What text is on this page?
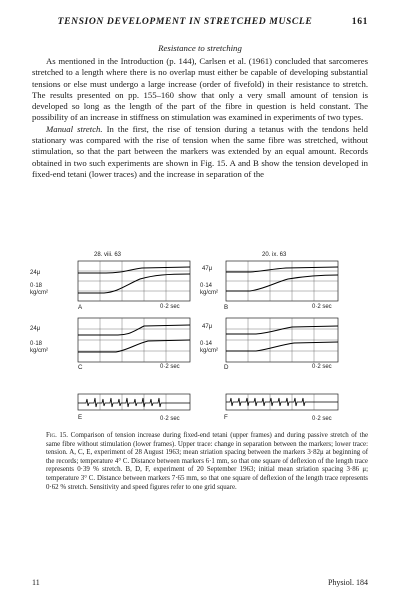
TENSION DEVELOPMENT IN STRETCHED MUSCLE	161
Resistance to stretching

As mentioned in the Introduction (p. 144), Carlsen et al. (1961) concluded that sarcomeres stretched to a length where there is no overlap must either be capable of developing substantial tensions or else must undergo a large increase (order of fivefold) in their resistance to stretch. The results presented on pp. 155–160 show that only a very small amount of tension is developed so long as the length of the part of the fibre in question is held constant. The possibility of an increase in stiffness on stimulation was examined in experiments of two types.

Manual stretch. In the first, the rise of tension during a tetanus with the tendons held stationary was compared with the rise of tension when the same fibre was stretched, without stimulation, so that the part between the markers was extended by an equal amount. Records obtained in two such experiments are shown in Fig. 15. A and B show the tension developed in fixed-end tetani (lower traces) and the increase in separation of the

28. viii. 63	20. ix. 63
24μ
0·18 kg/cm²
A	0·2 sec
47μ
0·14 kg/cm²
B	0·2 sec
24μ
0·18 kg/cm²
C	0·2 sec
47μ
0·14 kg/cm²
D	0·2 sec
E	0·2 sec	F	0·2 sec
Fig. 15. Comparison of tension increase during fixed-end tetani (upper frames) and during passive stretch of the same fibre without stimulation (lower frames). Upper trace: change in separation between the markers; lower trace: tension. A, C, E, experiment of 28 August 1963; mean striation spacing between the markers 3·82μ at beginning of the records; temperature 4° C. Distance between markers 6·1 mm, so that one square of deflexion of the length trace represents 0·39 % stretch. B, D, F, experiment of 20 September 1963; initial mean striation spacing 3·86 μ; temperature 3° C. Distance between markers 7·65 mm, so that one square of deflexion of the length trace represents 0·62 % stretch. Sensitivity and speed figures refer to one grid square.
11	Physiol. 184
